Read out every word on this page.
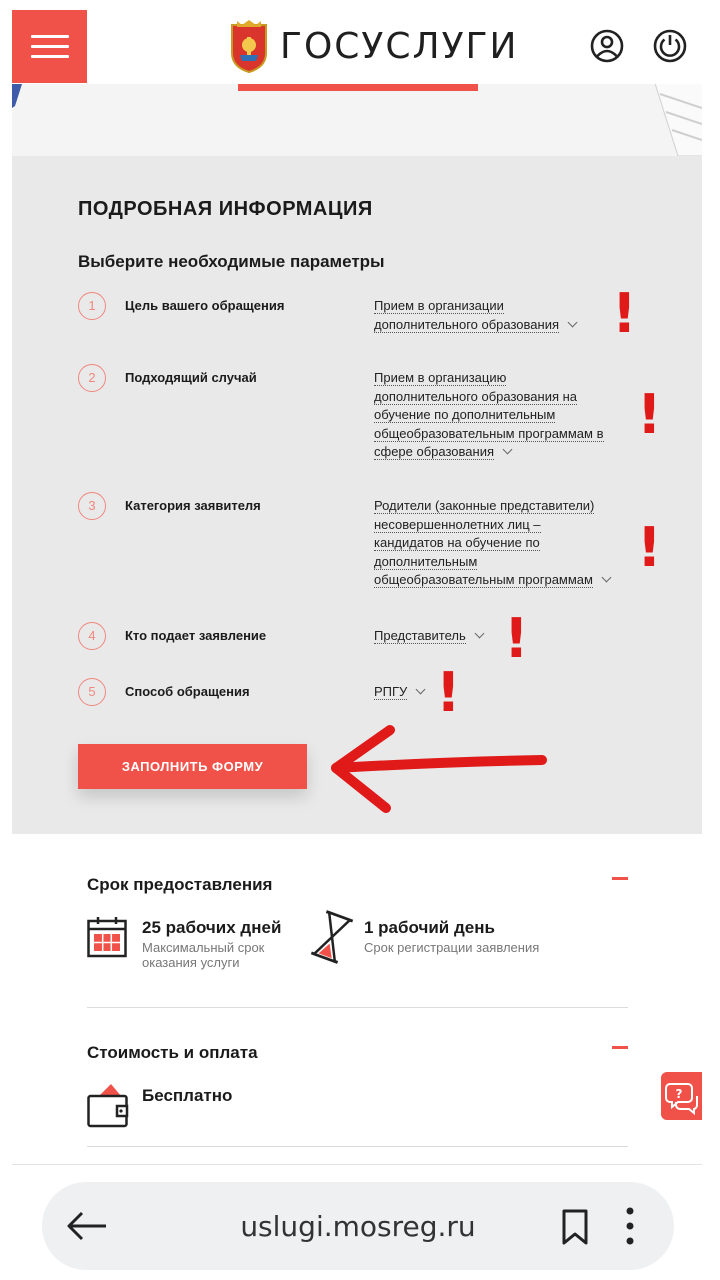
ГОСУСЛУГИ
ПОДРОБНАЯ ИНФОРМАЦИЯ
Выберите необходимые параметры
1	Цель вашего обращения	Прием в организации
дополнительного образования !
2	Подходящий случай	Прием в организацию
дополнительного образования на
обучение по дополнительным
общеобразовательным программам в
сфере образования
!
3	Категория заявителя	Родители (законные представители)
несовершеннолетних лиц –
кандидатов на обучение по
дополнительным
общеобразовательным программам
!
4	Кто подает заявление	Представитель !
5	Способ обращения	РПГУ !
ЗАПОЛНИТЬ ФОРМУ
Срок предоставления
25 рабочих дней
Максимальный срок
оказания услуги
1 рабочий день
Срок регистрации заявления
Стоимость и оплата
Бесплатно	?
uslugi.mosreg.ru
